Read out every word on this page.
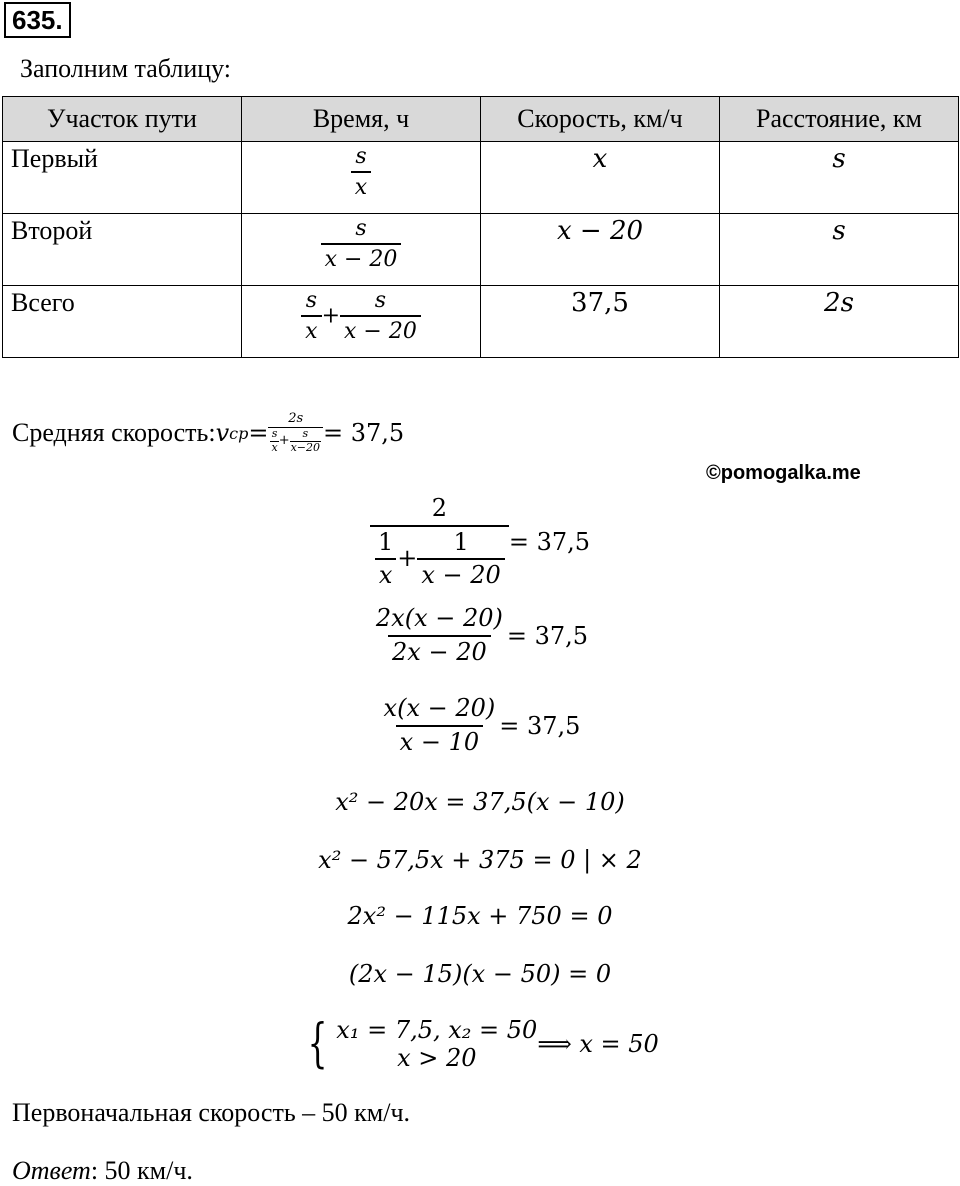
635.
Заполним таблицу:
Участок пути	Время, ч	Скорость, км/ч	Расстояние, км
Первый	$\frac{s}{x}$	x	s
Второй	$\frac{s}{x - 20}$	x − 20	s
Всего	$\frac{s}{x} + \frac{s}{x - 20}$	37,5	2s
Средняя скорость: v cp = $\frac{2s}{\frac{s}{x} + \frac{s}{x-20}} = 37,5$
©pomogalka.me
$\frac{2}{\frac{1}{x} + \frac{1}{x - 20}} = 37,5$
$\frac{2x(x - 20)}{2x - 20} = 37,5$
$\frac{x(x - 20)}{x - 10} = 37,5$
x² − 20x = 37,5(x − 10)
x² − 57,5x + 375 = 0 | × 2
2x² − 115x + 750 = 0
(2x − 15)(x − 50) = 0
{ x₁ = 7,5, x₂ = 50
x > 20	⟹ x = 50
Первоначальная скорость – 50 км/ч.
Ответ: 50 км/ч.
